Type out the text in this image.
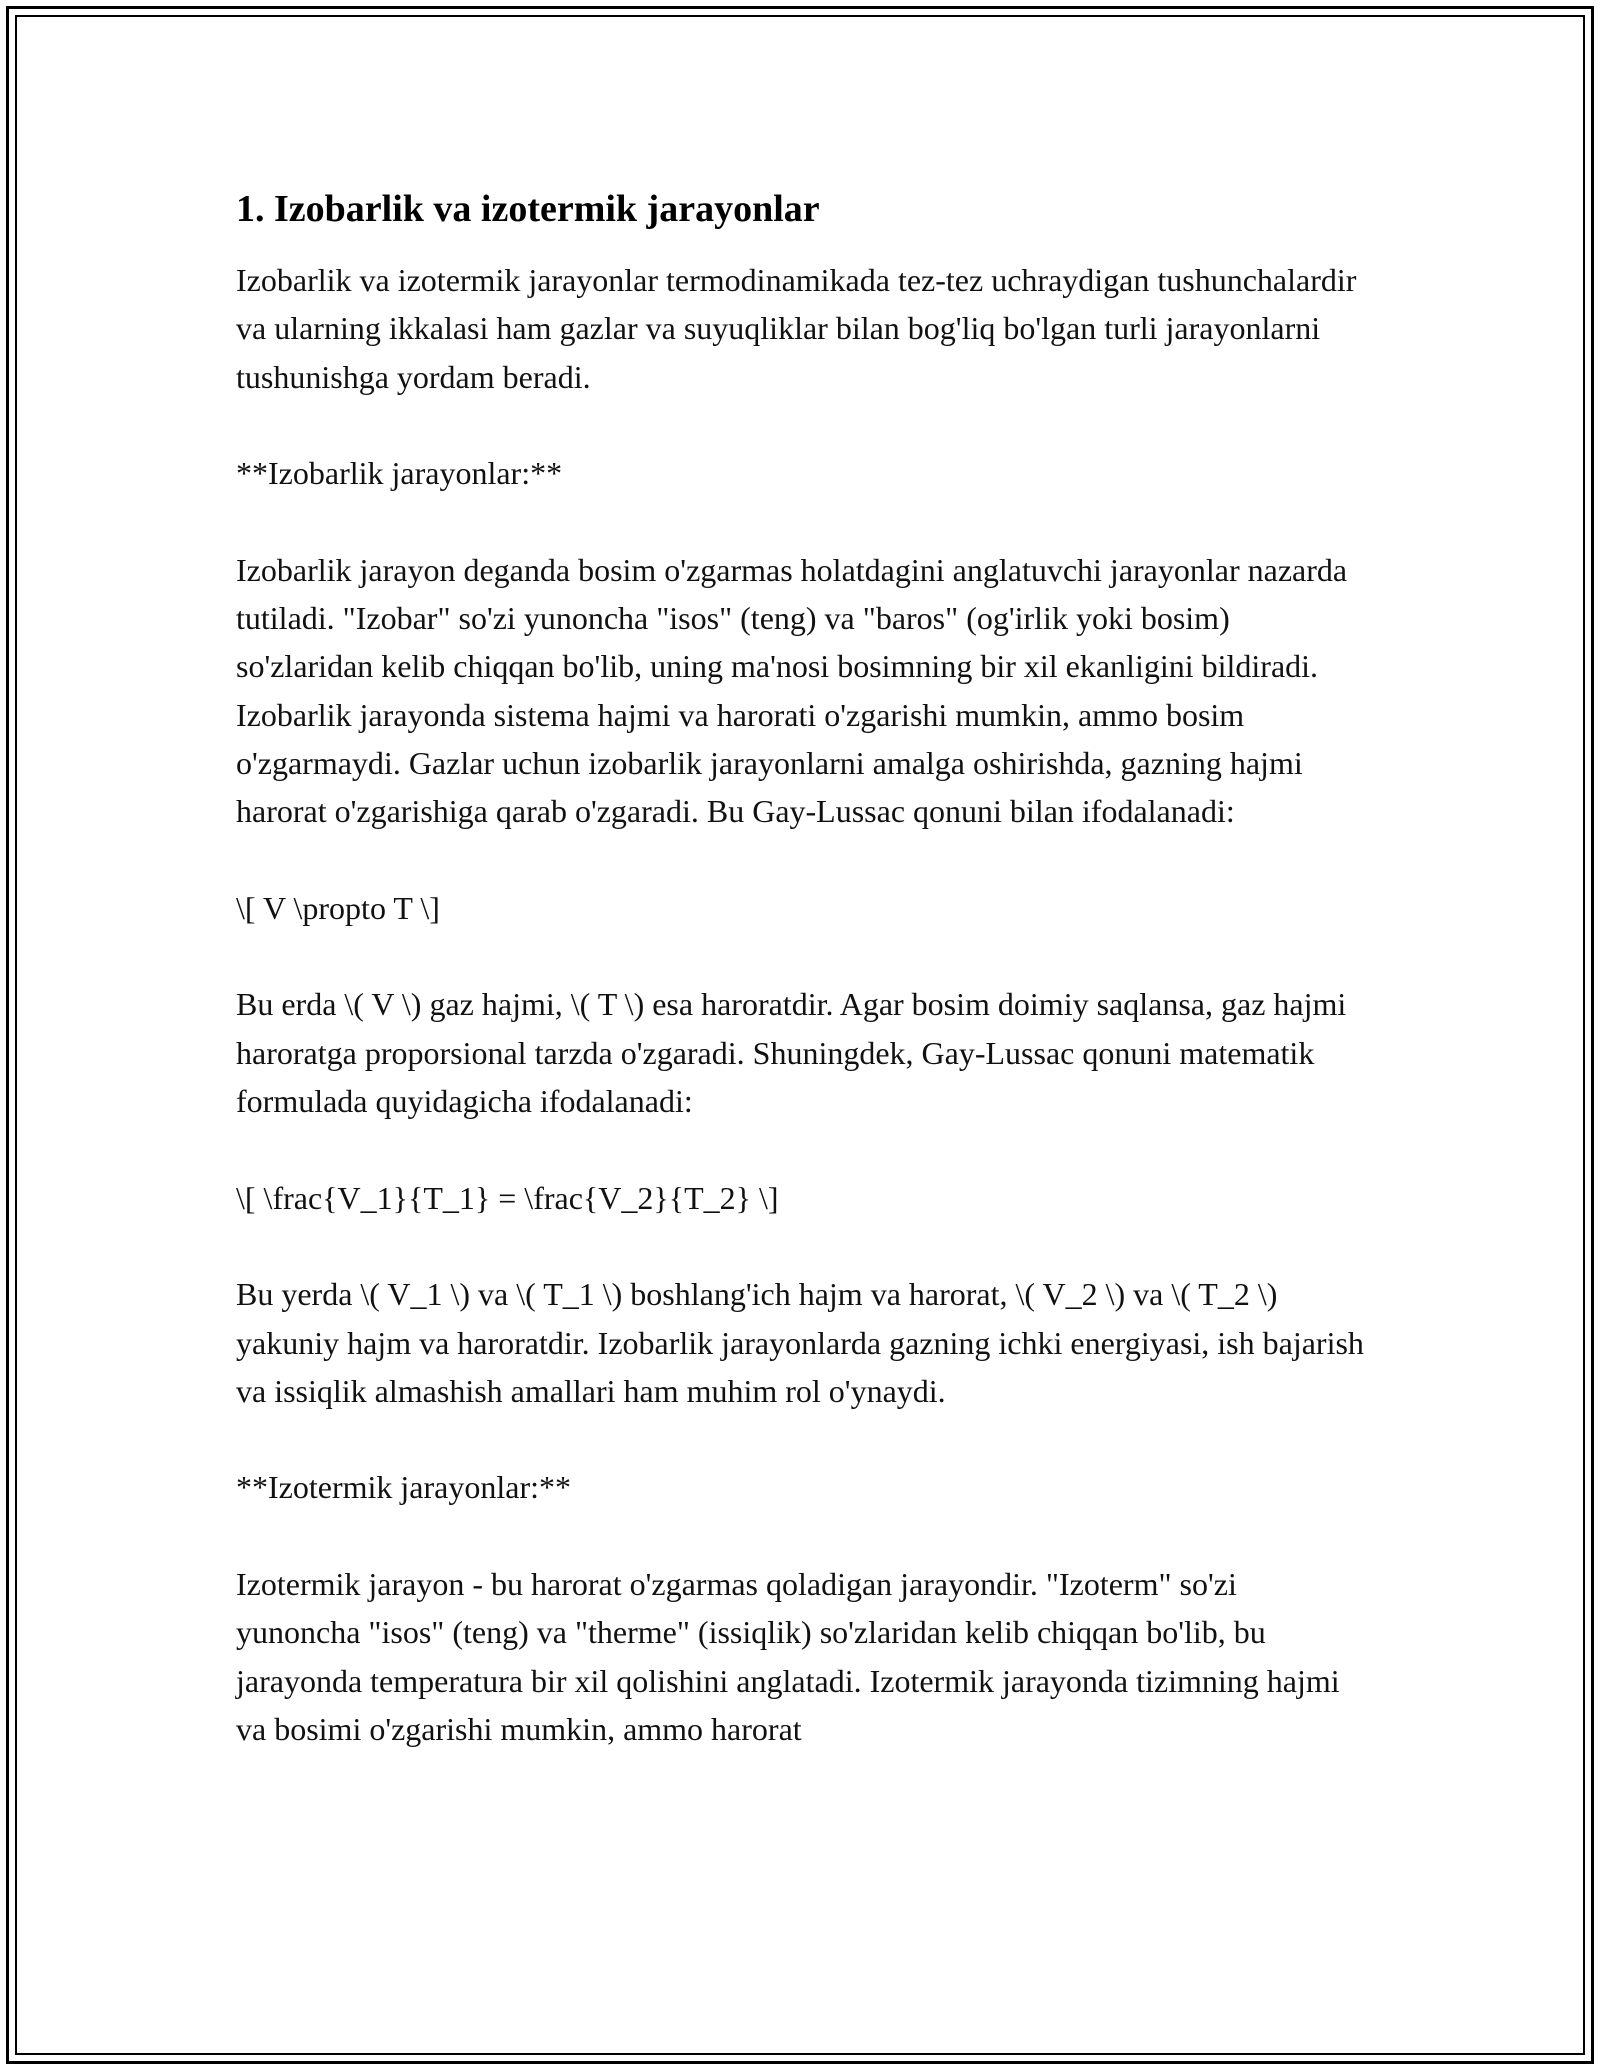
1. Izobarlik va izotermik jarayonlar

Izobarlik va izotermik jarayonlar termodinamikada tez-tez uchraydigan tushunchalardir va ularning ikkalasi ham gazlar va suyuqliklar bilan bog'liq bo'lgan turli jarayonlarni tushunishga yordam beradi.

**Izobarlik jarayonlar:**

Izobarlik jarayon deganda bosim o'zgarmas holatdagini anglatuvchi jarayonlar nazarda tutiladi. "Izobar" so'zi yunoncha "isos" (teng) va "baros" (og'irlik yoki bosim) so'zlaridan kelib chiqqan bo'lib, uning ma'nosi bosimning bir xil ekanligini bildiradi. Izobarlik jarayonda sistema hajmi va harorati o'zgarishi mumkin, ammo bosim o'zgarmaydi. Gazlar uchun izobarlik jarayonlarni amalga oshirishda, gazning hajmi harorat o'zgarishiga qarab o'zgaradi. Bu Gay-Lussac qonuni bilan ifodalanadi:

\[ V \propto T \]

Bu erda \( V \) gaz hajmi, \( T \) esa haroratdir. Agar bosim doimiy saqlansa, gaz hajmi haroratga proporsional tarzda o'zgaradi. Shuningdek, Gay-Lussac qonuni matematik formulada quyidagicha ifodalanadi:

\[ \frac{V_1}{T_1} = \frac{V_2}{T_2} \]

Bu yerda \( V_1 \) va \( T_1 \) boshlang'ich hajm va harorat, \( V_2 \) va \( T_2 \) yakuniy hajm va haroratdir. Izobarlik jarayonlarda gazning ichki energiyasi, ish bajarish va issiqlik almashish amallari ham muhim rol o'ynaydi.

**Izotermik jarayonlar:**

Izotermik jarayon - bu harorat o'zgarmas qoladigan jarayondir. "Izoterm" so'zi yunoncha "isos" (teng) va "therme" (issiqlik) so'zlaridan kelib chiqqan bo'lib, bu jarayonda temperatura bir xil qolishini anglatadi. Izotermik jarayonda tizimning hajmi va bosimi o'zgarishi mumkin, ammo harorat
